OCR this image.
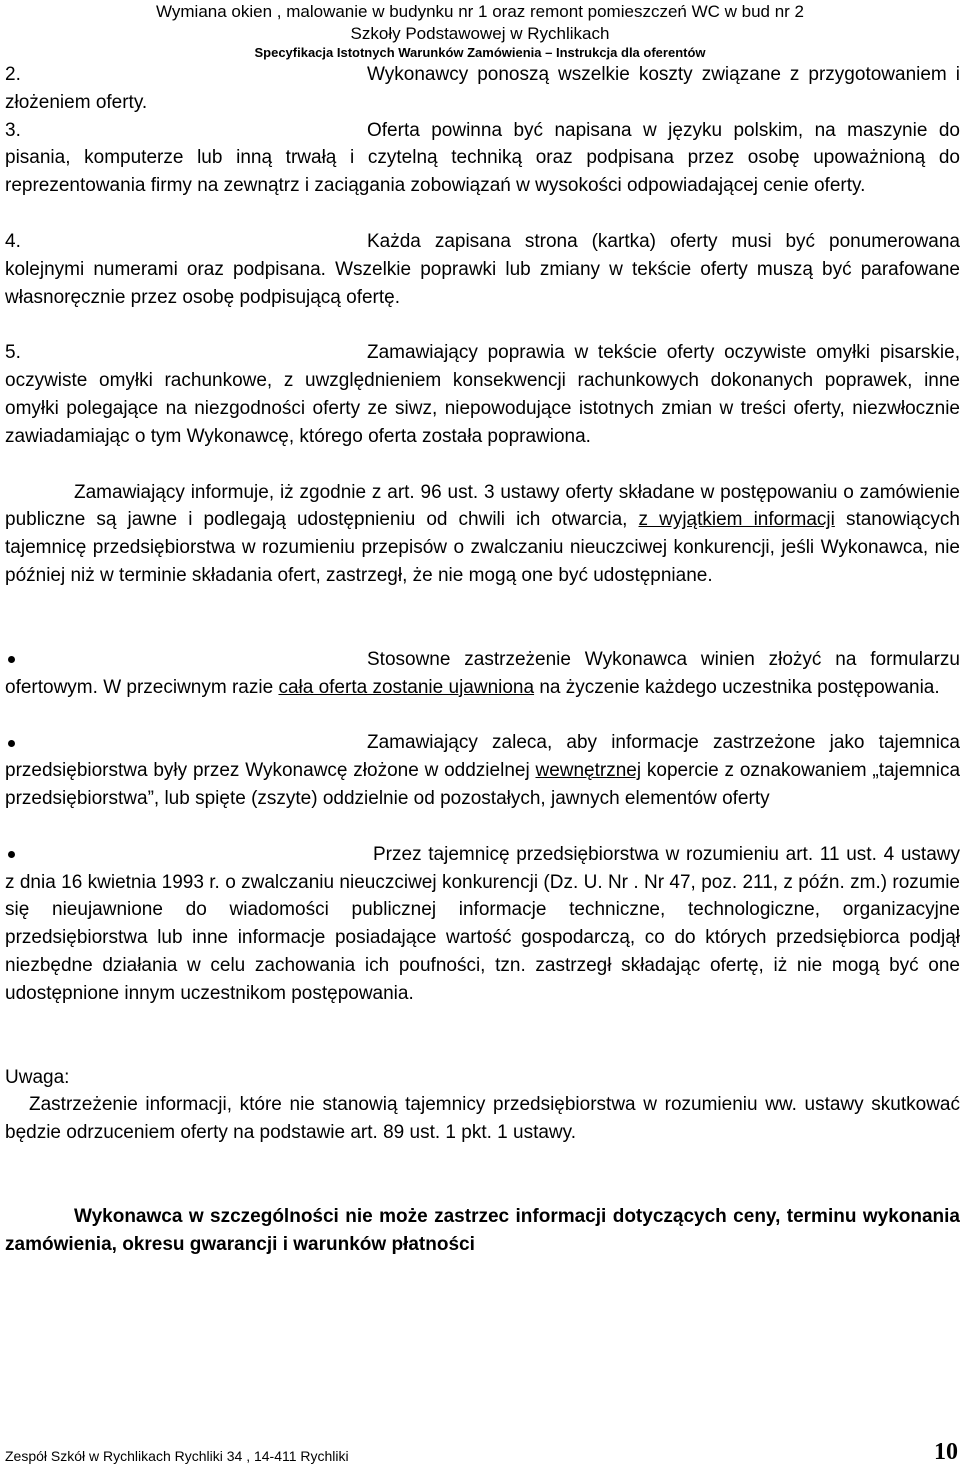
Wymiana okien , malowanie w budynku nr 1 oraz remont pomieszczeń WC w bud nr 2
Szkoły Podstawowej w Rychlikach
Specyfikacja Istotnych Warunków Zamówienia – Instrukcja dla oferentów

2.	Wykonawcy ponoszą wszelkie koszty związane z przygotowaniem i złożeniem oferty.

3.	Oferta powinna być napisana w języku polskim, na maszynie do pisania, komputerze lub inną trwałą i czytelną techniką oraz podpisana przez osobę upoważnioną do reprezentowania firmy na zewnątrz i zaciągania zobowiązań w wysokości odpowiadającej cenie oferty.

4.	Każda zapisana strona (kartka) oferty musi być ponumerowana kolejnymi numerami oraz podpisana. Wszelkie poprawki lub zmiany w tekście oferty muszą być parafowane własnoręcznie przez osobę podpisującą ofertę.

5.	Zamawiający poprawia w tekście oferty oczywiste omyłki pisarskie, oczywiste omyłki rachunkowe, z uwzględnieniem konsekwencji rachunkowych dokonanych poprawek, inne omyłki polegające na niezgodności oferty ze siwz, niepowodujące istotnych zmian w treści oferty, niezwłocznie zawiadamiając o tym Wykonawcę, którego oferta została poprawiona.

Zamawiający informuje, iż zgodnie z art. 96 ust. 3 ustawy oferty składane w postępowaniu o zamówienie publiczne są jawne i podlegają udostępnieniu od chwili ich otwarcia, z wyjątkiem informacji stanowiących tajemnicę przedsiębiorstwa w rozumieniu przepisów o zwalczaniu nieuczciwej konkurencji, jeśli Wykonawca, nie później niż w terminie składania ofert, zastrzegł, że nie mogą one być udostępniane.

Stosowne zastrzeżenie Wykonawca winien złożyć na formularzu ofertowym. W przeciwnym razie cała oferta zostanie ujawniona na życzenie każdego uczestnika postępowania.

Zamawiający zaleca, aby informacje zastrzeżone jako tajemnica przedsiębiorstwa były przez Wykonawcę złożone w oddzielnej wewnętrznej kopercie z oznakowaniem „tajemnica przedsiębiorstwa”, lub spięte (zszyte) oddzielnie od pozostałych, jawnych elementów oferty

Przez tajemnicę przedsiębiorstwa w rozumieniu art. 11 ust. 4 ustawy z dnia 16 kwietnia 1993 r. o zwalczaniu nieuczciwej konkurencji (Dz. U. Nr . Nr 47, poz. 211, z późn. zm.) rozumie się nieujawnione do wiadomości publicznej informacje techniczne, technologiczne, organizacyjne przedsiębiorstwa lub inne informacje posiadające wartość gospodarczą, co do których przedsiębiorca podjął niezbędne działania w celu zachowania ich poufności, tzn. zastrzegł składając ofertę, iż nie mogą być one udostępnione innym uczestnikom postępowania.

Uwaga:

Zastrzeżenie informacji, które nie stanowią tajemnicy przedsiębiorstwa w rozumieniu ww. ustawy skutkować będzie odrzuceniem oferty na podstawie art. 89 ust. 1 pkt. 1 ustawy.

Wykonawca w szczególności nie może zastrzec informacji dotyczących ceny, terminu wykonania zamówienia, okresu gwarancji i warunków płatności

Zespół Szkół w Rychlikach Rychliki 34 , 14-411 Rychliki	10
